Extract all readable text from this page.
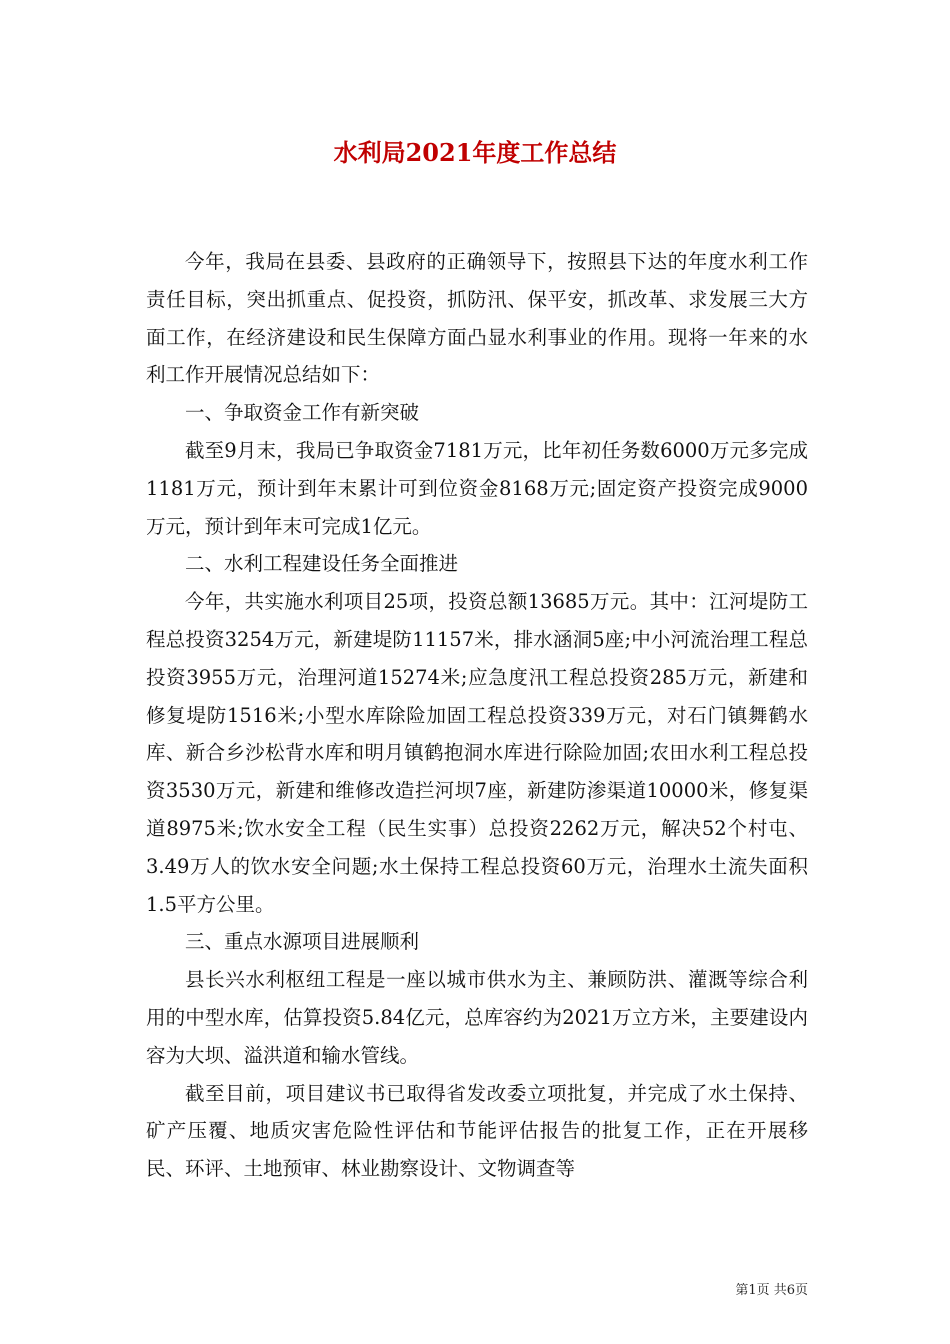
水利局2021年度工作总结

今年，我局在县委、县政府的正确领导下，按照县下达的年度水利工作责任目标，突出抓重点、促投资，抓防汛、保平安，抓改革、求发展三大方面工作，在经济建设和民生保障方面凸显水利事业的作用。现将一年来的水利工作开展情况总结如下：

一、争取资金工作有新突破

截至9月末，我局已争取资金7181万元，比年初任务数6000万元多完成1181万元，预计到年末累计可到位资金8168万元;固定资产投资完成9000万元，预计到年末可完成1亿元。

二、水利工程建设任务全面推进

今年，共实施水利项目25项，投资总额13685万元。其中：江河堤防工程总投资3254万元，新建堤防11157米，排水涵洞5座;中小河流治理工程总投资3955万元，治理河道15274米;应急度汛工程总投资285万元，新建和修复堤防1516米;小型水库除险加固工程总投资339万元，对石门镇舞鹤水库、新合乡沙松背水库和明月镇鹤抱洞水库进行除险加固;农田水利工程总投资3530万元，新建和维修改造拦河坝7座，新建防渗渠道10000米，修复渠道8975米;饮水安全工程（民生实事）总投资2262万元，解决52个村屯、3.49万人的饮水安全问题;水土保持工程总投资60万元，治理水土流失面积1.5平方公里。

三、重点水源项目进展顺利

县长兴水利枢纽工程是一座以城市供水为主、兼顾防洪、灌溉等综合利用的中型水库，估算投资5.84亿元，总库容约为2021万立方米，主要建设内容为大坝、溢洪道和输水管线。

截至目前，项目建议书已取得省发改委立项批复，并完成了水土保持、矿产压覆、地质灾害危险性评估和节能评估报告的批复工作，正在开展移民、环评、土地预审、林业勘察设计、文物调查等

第1页 共6页
